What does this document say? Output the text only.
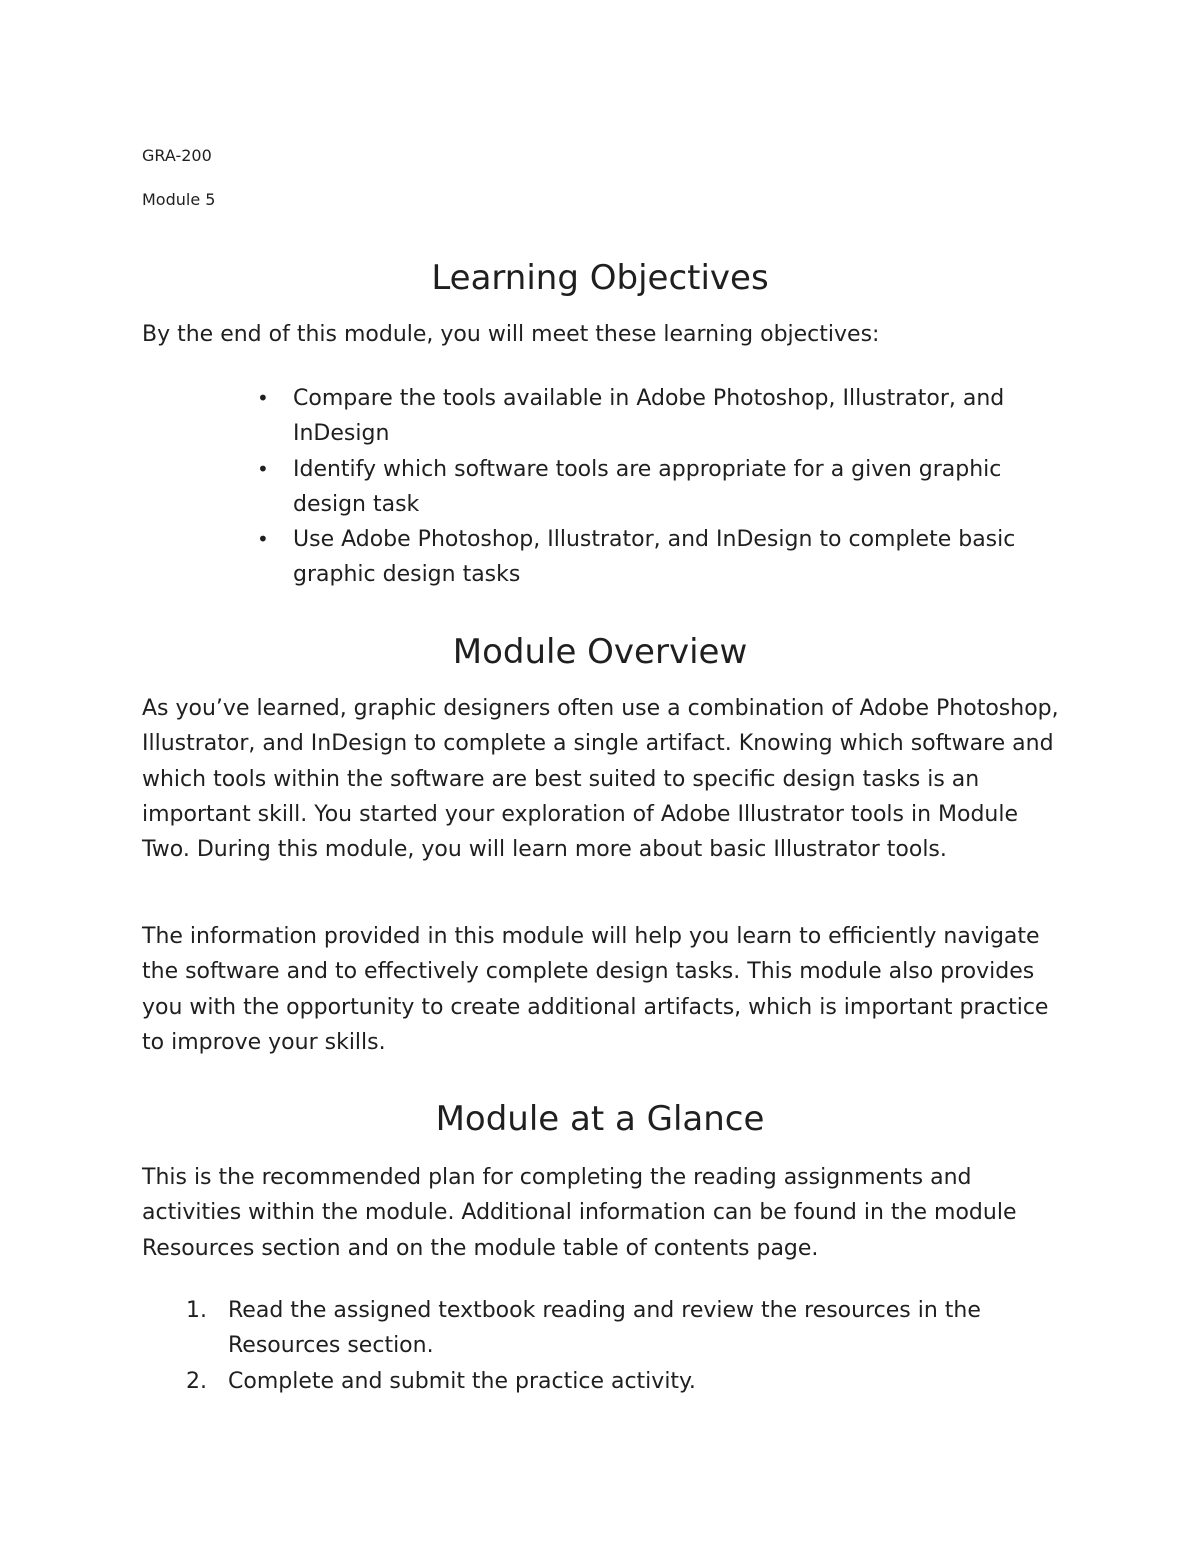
GRA-200
Module 5
Learning Objectives

By the end of this module, you will meet these learning objectives:

• Compare the tools available in Adobe Photoshop, Illustrator, and InDesign
• Identify which software tools are appropriate for a given graphic design task
• Use Adobe Photoshop, Illustrator, and InDesign to complete basic graphic design tasks
Module Overview

As you’ve learned, graphic designers often use a combination of Adobe Photoshop, Illustrator, and InDesign to complete a single artifact. Knowing which software and which tools within the software are best suited to specific design tasks is an important skill. You started your exploration of Adobe Illustrator tools in Module Two. During this module, you will learn more about basic Illustrator tools.

The information provided in this module will help you learn to efficiently navigate the software and to effectively complete design tasks. This module also provides you with the opportunity to create additional artifacts, which is important practice to improve your skills.

Module at a Glance

This is the recommended plan for completing the reading assignments and activities within the module. Additional information can be found in the module Resources section and on the module table of contents page.

1. Read the assigned textbook reading and review the resources in the Resources section.
2. Complete and submit the practice activity.
